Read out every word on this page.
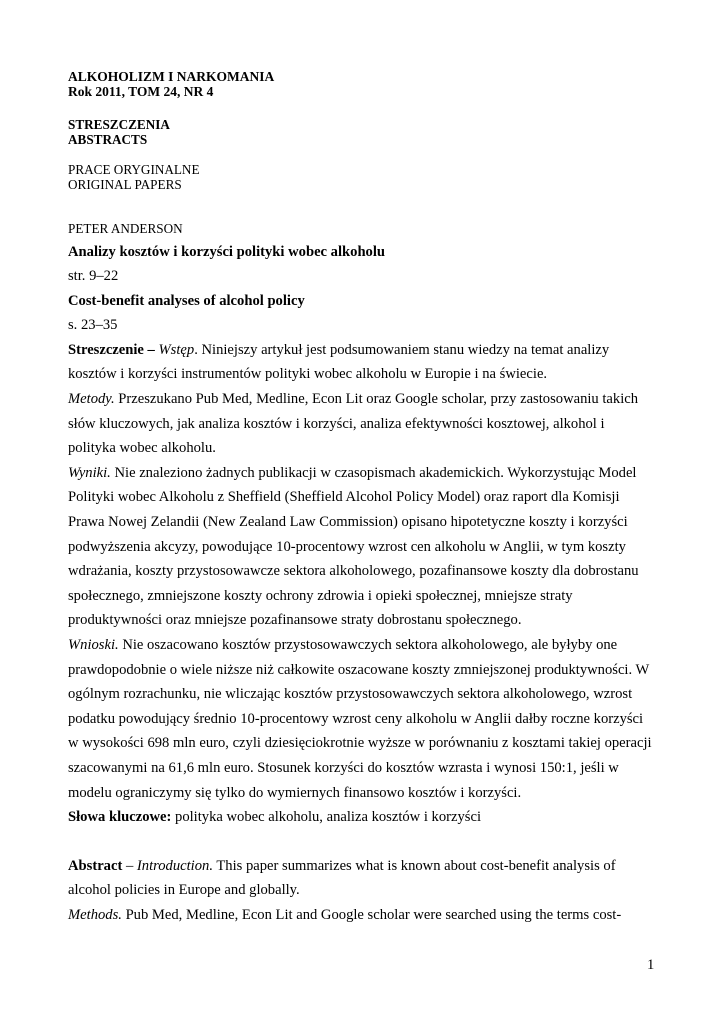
ALKOHOLIZM I NARKOMANIA

Rok 2011, TOM 24, NR 4

STRESZCZENIA

ABSTRACTS

PRACE ORYGINALNE

ORIGINAL PAPERS

PETER ANDERSON

Analizy kosztów i korzyści polityki wobec alkoholu

str. 9–22

Cost-benefit analyses of alcohol policy

s. 23–35

Streszczenie – Wstęp. Niniejszy artykuł jest podsumowaniem stanu wiedzy na temat analizy

kosztów i korzyści instrumentów polityki wobec alkoholu w Europie i na świecie.

Metody. Przeszukano Pub Med, Medline, Econ Lit oraz Google scholar, przy zastosowaniu takich

słów kluczowych, jak analiza kosztów i korzyści, analiza efektywności kosztowej, alkohol i

polityka wobec alkoholu.

Wyniki. Nie znaleziono żadnych publikacji w czasopismach akademickich. Wykorzystując Model

Polityki wobec Alkoholu z Sheffield (Sheffield Alcohol Policy Model) oraz raport dla Komisji

Prawa Nowej Zelandii (New Zealand Law Commission) opisano hipotetyczne koszty i korzyści

podwyższenia akcyzy, powodujące 10-procentowy wzrost cen alkoholu w Anglii, w tym koszty

wdrażania, koszty przystosowawcze sektora alkoholowego, pozafinansowe koszty dla dobrostanu

społecznego, zmniejszone koszty ochrony zdrowia i opieki społecznej, mniejsze straty

produktywności oraz mniejsze pozafinansowe straty dobrostanu społecznego.

Wnioski. Nie oszacowano kosztów przystosowawczych sektora alkoholowego, ale byłyby one

prawdopodobnie o wiele niższe niż całkowite oszacowane koszty zmniejszonej produktywności. W

ogólnym rozrachunku, nie wliczając kosztów przystosowawczych sektora alkoholowego, wzrost

podatku powodujący średnio 10-procentowy wzrost ceny alkoholu w Anglii dałby roczne korzyści

w wysokości 698 mln euro, czyli dziesięciokrotnie wyższe w porównaniu z kosztami takiej operacji

szacowanymi na 61,6 mln euro. Stosunek korzyści do kosztów wzrasta i wynosi 150:1, jeśli w

modelu ograniczymy się tylko do wymiernych finansowo kosztów i korzyści.

Słowa kluczowe: polityka wobec alkoholu, analiza kosztów i korzyści

Abstract – Introduction. This paper summarizes what is known about cost-benefit analysis of

alcohol policies in Europe and globally.

Methods. Pub Med, Medline, Econ Lit and Google scholar were searched using the terms cost-

1
